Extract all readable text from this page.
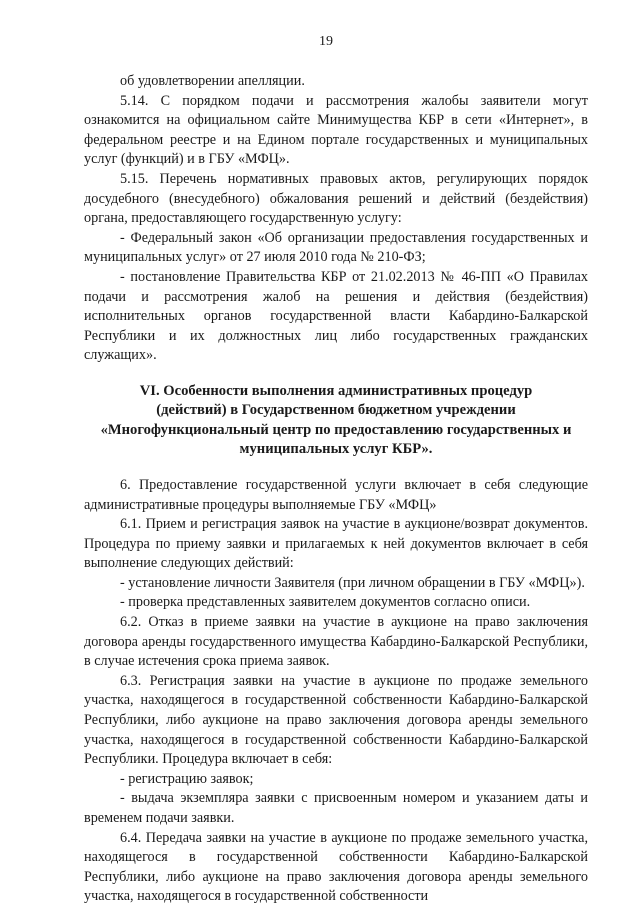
19

об удовлетворении апелляции.

5.14. С порядком подачи и рассмотрения жалобы заявители могут ознакомится на официальном сайте Минимущества КБР в сети «Интернет», в федеральном реестре и на Едином портале государственных и муниципальных услуг (функций) и в ГБУ «МФЦ».

5.15. Перечень нормативных правовых актов, регулирующих порядок досудебного (внесудебного) обжалования решений и действий (бездействия) органа, предоставляющего государственную услугу:

- Федеральный закон «Об организации предоставления государственных и муниципальных услуг» от 27 июля 2010 года № 210-ФЗ;

- постановление Правительства КБР от 21.02.2013 № 46-ПП «О Правилах подачи и рассмотрения жалоб на решения и действия (бездействия) исполнительных органов государственной власти Кабардино-Балкарской Республики и их должностных лиц либо государственных гражданских служащих».

VI. Особенности выполнения административных процедур

(действий) в Государственном бюджетном учреждении

«Многофункциональный центр по предоставлению государственных и

муниципальных услуг КБР».

6. Предоставление государственной услуги включает в себя следующие административные процедуры выполняемые ГБУ «МФЦ»

6.1. Прием и регистрация заявок на участие в аукционе/возврат документов. Процедура по приему заявки и прилагаемых к ней документов включает в себя выполнение следующих действий:

- установление личности Заявителя (при личном обращении в ГБУ «МФЦ»).

- проверка представленных заявителем документов согласно описи.

6.2. Отказ в приеме заявки на участие в аукционе на право заключения договора аренды государственного имущества Кабардино-Балкарской Республики, в случае истечения срока приема заявок.

6.3. Регистрация заявки на участие в аукционе по продаже земельного участка, находящегося в государственной собственности Кабардино-Балкарской Республики, либо аукционе на право заключения договора аренды земельного участка, находящегося в государственной собственности Кабардино-Балкарской Республики. Процедура включает в себя:

- регистрацию заявок;

- выдача экземпляра заявки с присвоенным номером и указанием даты и временем подачи заявки.

6.4. Передача заявки на участие в аукционе по продаже земельного участка, находящегося в государственной собственности Кабардино-Балкарской Республики, либо аукционе на право заключения договора аренды земельного участка, находящегося в государственной собственности
